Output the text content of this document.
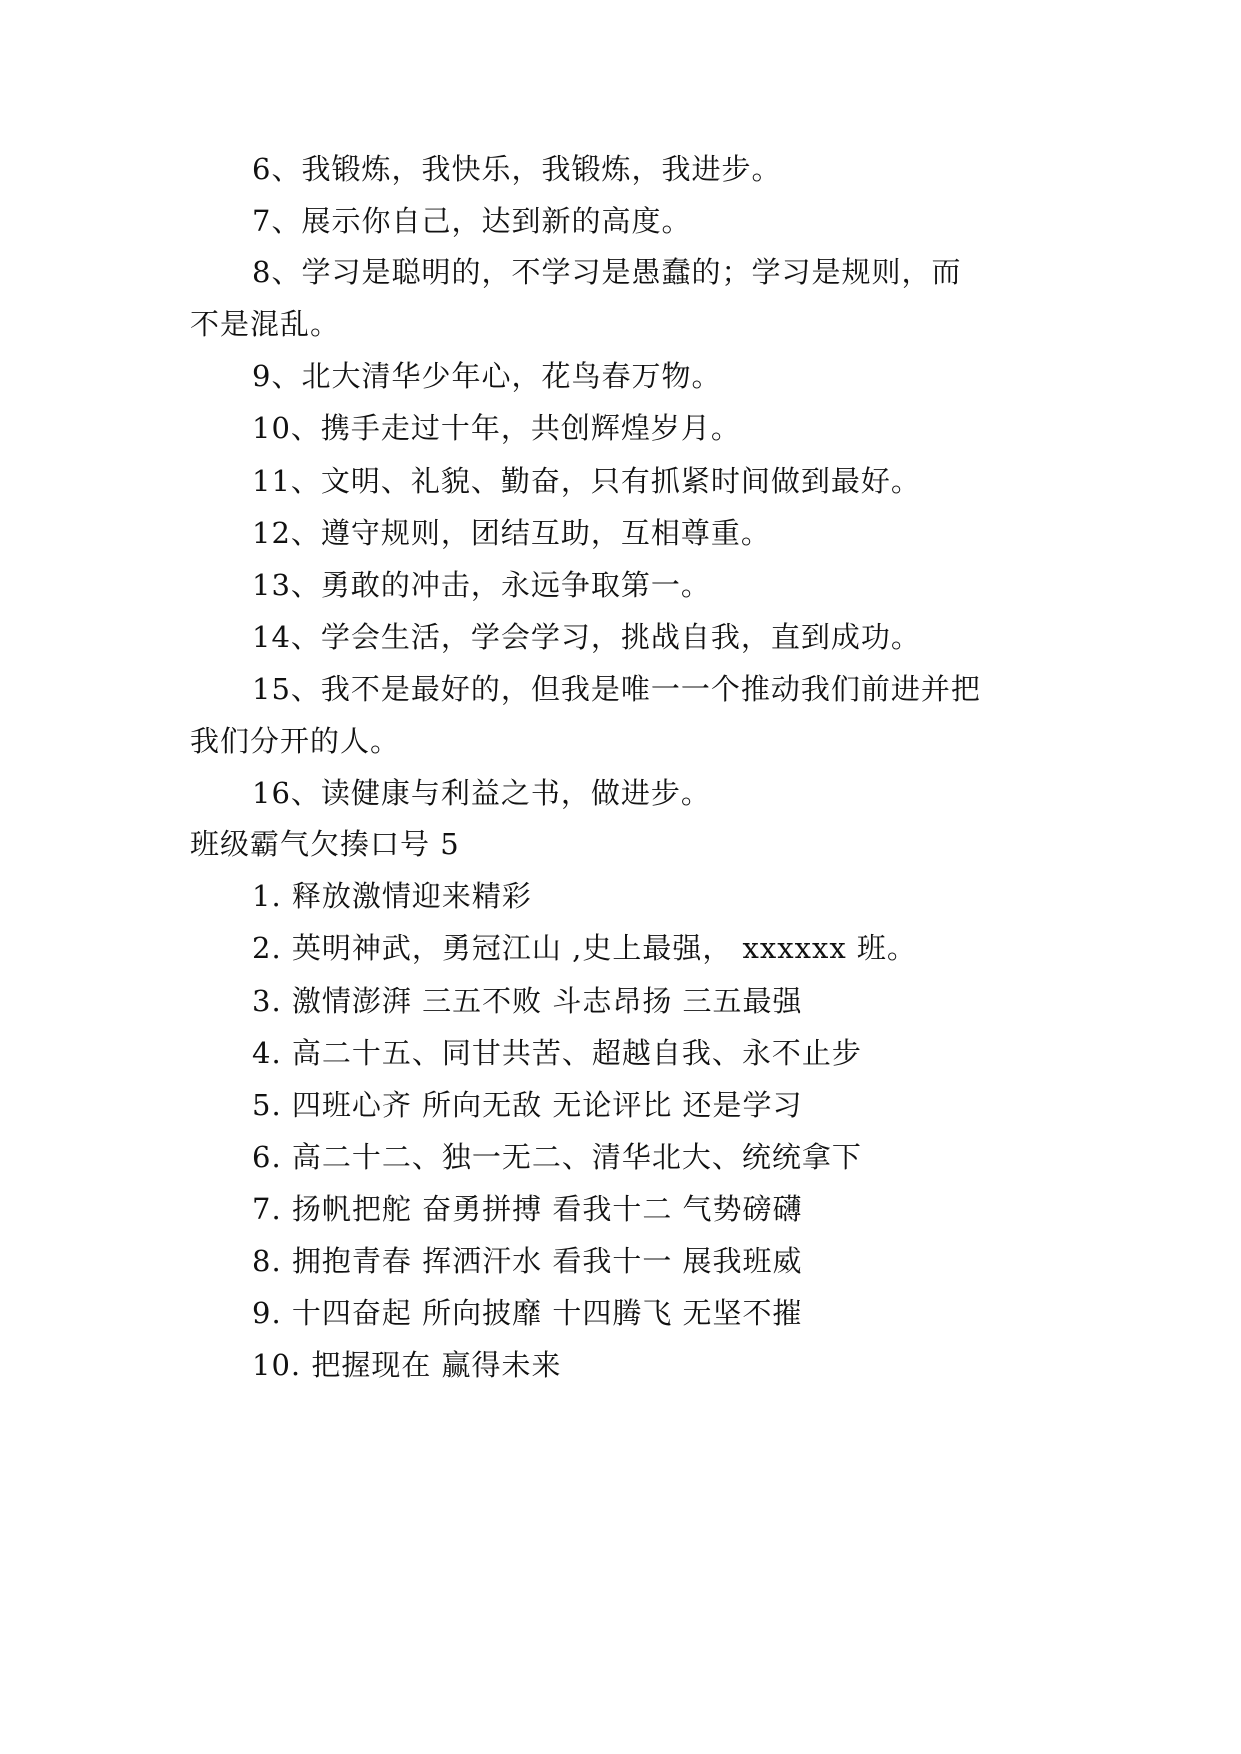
6、我锻炼，我快乐，我锻炼，我进步。
7、展示你自己，达到新的高度。
8、学习是聪明的，不学习是愚蠢的；学习是规则，而
不是混乱。
9、北大清华少年心，花鸟春万物。
10、携手走过十年，共创辉煌岁月。
11、文明、礼貌、勤奋，只有抓紧时间做到最好。
12、遵守规则，团结互助，互相尊重。
13、勇敢的冲击，永远争取第一。
14、学会生活，学会学习，挑战自我，直到成功。
15、我不是最好的，但我是唯一一个推动我们前进并把
我们分开的人。
16、读健康与利益之书，做进步。
班级霸气欠揍口号 5
1. 释放激情迎来精彩
2. 英明神武，勇冠江山 ,史上最强， xxxxxx 班。
3. 激情澎湃 三五不败 斗志昂扬 三五最强
4. 高二十五、同甘共苦、超越自我、永不止步
5. 四班心齐 所向无敌 无论评比 还是学习
6. 高二十二、独一无二、清华北大、统统拿下
7. 扬帆把舵 奋勇拼搏 看我十二 气势磅礴
8. 拥抱青春 挥洒汗水 看我十一 展我班威
9. 十四奋起 所向披靡 十四腾飞 无坚不摧
10. 把握现在 赢得未来
